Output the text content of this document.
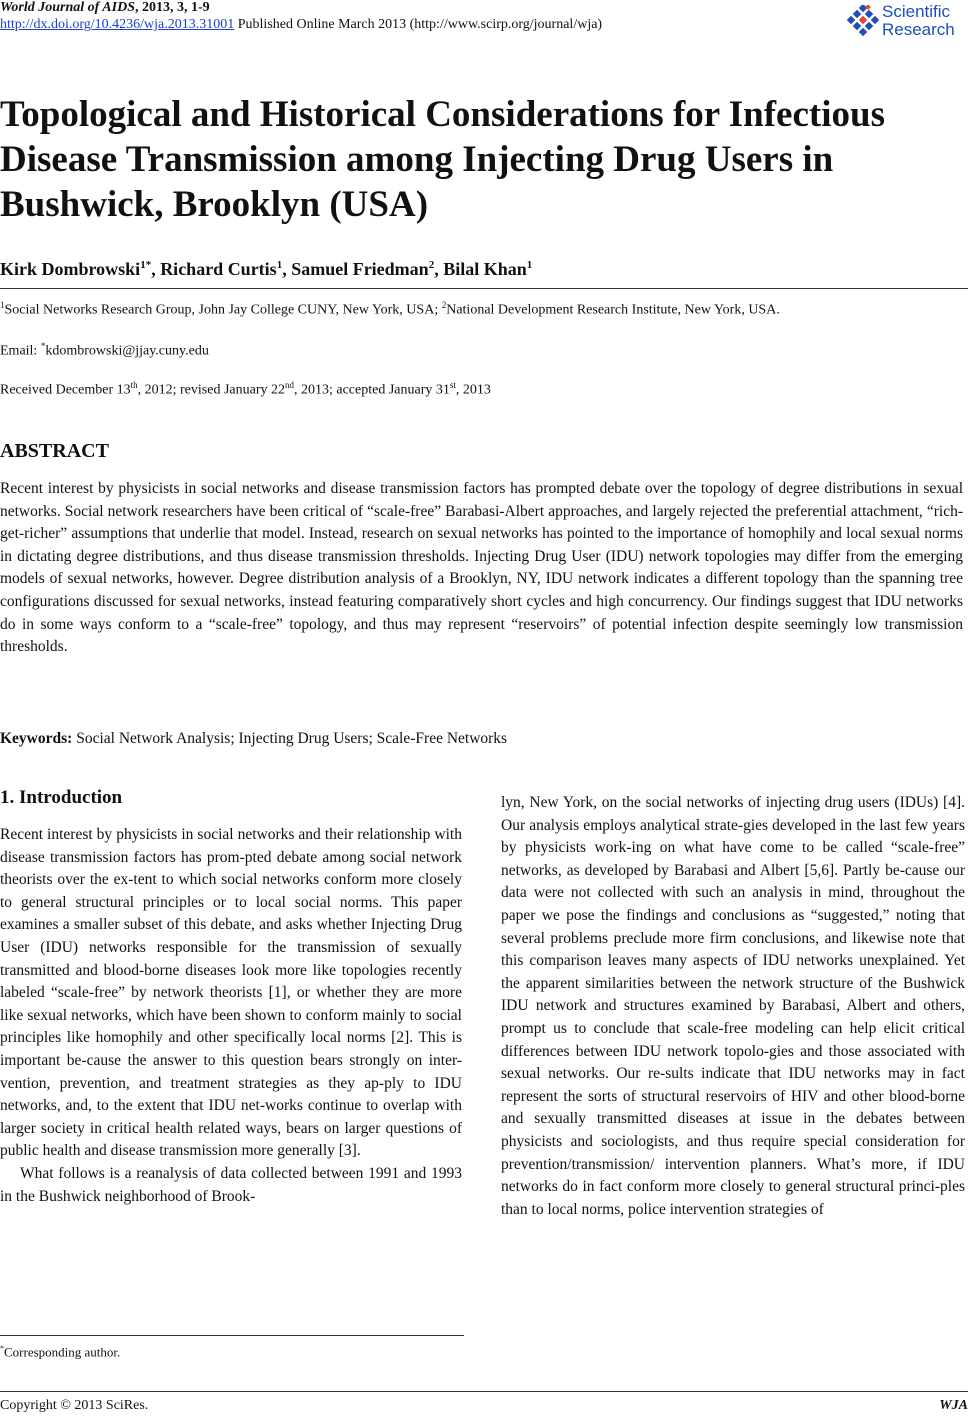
World Journal of AIDS, 2013, 3, 1-9
http://dx.doi.org/10.4236/wja.2013.31001 Published Online March 2013 (http://www.scirp.org/journal/wja)
Scientific
Research
Topological and Historical Considerations for Infectious Disease Transmission among Injecting Drug Users in Bushwick, Brooklyn (USA)
Kirk Dombrowski$^{1*}$, Richard Curtis$^1$, Samuel Friedman$^2$, Bilal Khan$^1$
$^1$Social Networks Research Group, John Jay College CUNY, New York, USA; $^2$National Development Research Institute, New York, USA.
Email: *kdombrowski@jjay.cuny.edu
Received December 13th, 2012; revised January 22nd, 2013; accepted January 31st, 2013
ABSTRACT
Recent interest by physicists in social networks and disease transmission factors has prompted debate over the topology of degree distributions in sexual networks. Social network researchers have been critical of “scale-free” Barabasi-Albert approaches, and largely rejected the preferential attachment, “rich-get-richer” assumptions that underlie that model. Instead, research on sexual networks has pointed to the importance of homophily and local sexual norms in dictating degree distributions, and thus disease transmission thresholds. Injecting Drug User (IDU) network topologies may differ from the emerging models of sexual networks, however. Degree distribution analysis of a Brooklyn, NY, IDU network indicates a different topology than the spanning tree configurations discussed for sexual networks, instead featuring comparatively short cycles and high concurrency. Our findings suggest that IDU networks do in some ways conform to a “scale-free” topology, and thus may represent “reservoirs” of potential infection despite seemingly low transmission thresholds.
Keywords: Social Network Analysis; Injecting Drug Users; Scale-Free Networks
1. Introduction

Recent interest by physicists in social networks and their relationship with disease transmission factors has prom-pted debate among social network theorists over the ex-tent to which social networks conform more closely to general structural principles or to local social norms. This paper examines a smaller subset of this debate, and asks whether Injecting Drug User (IDU) networks responsible for the transmission of sexually transmitted and blood-borne diseases look more like topologies recently labeled “scale-free” by network theorists [1], or whether they are more like sexual networks, which have been shown to conform mainly to social principles like homophily and other specifically local norms [2]. This is important be-cause the answer to this question bears strongly on inter-vention, prevention, and treatment strategies as they ap-ply to IDU networks, and, to the extent that IDU net-works continue to overlap with larger society in critical health related ways, bears on larger questions of public health and disease transmission more generally [3].

What follows is a reanalysis of data collected between 1991 and 1993 in the Bushwick neighborhood of Brook-

lyn, New York, on the social networks of injecting drug users (IDUs) [4]. Our analysis employs analytical strate-gies developed in the last few years by physicists work-ing on what have come to be called “scale-free” networks, as developed by Barabasi and Albert [5,6]. Partly be-cause our data were not collected with such an analysis in mind, throughout the paper we pose the findings and conclusions as “suggested,” noting that several problems preclude more firm conclusions, and likewise note that this comparison leaves many aspects of IDU networks unexplained. Yet the apparent similarities between the network structure of the Bushwick IDU network and structures examined by Barabasi, Albert and others, prompt us to conclude that scale-free modeling can help elicit critical differences between IDU network topolo-gies and those associated with sexual networks. Our re-sults indicate that IDU networks may in fact represent the sorts of structural reservoirs of HIV and other blood-borne and sexually transmitted diseases at issue in the debates between physicists and sociologists, and thus require special consideration for prevention/transmission/ intervention planners. What’s more, if IDU networks do in fact conform more closely to general structural princi-ples than to local norms, police intervention strategies of

*Corresponding author.
Copyright © 2013 SciRes.	WJA
